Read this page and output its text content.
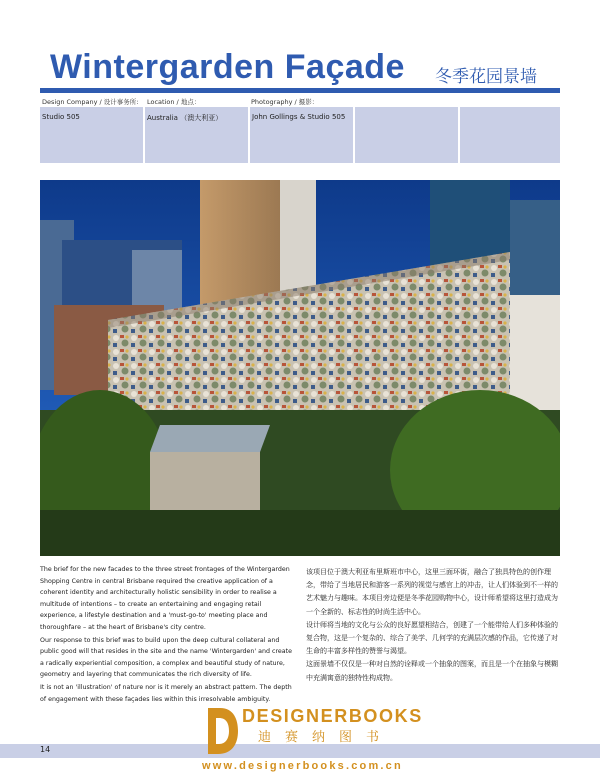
Wintergarden Façade 冬季花园景墙
Design Company / 设计事务所: Location / 地点：	Photography / 摄影：
Studio 505	Australia （澳大利亚）	John Gollings & Studio 505

The brief for the new facades to the three street frontages of the Wintergarden Shopping Centre in central Brisbane required the creative application of a coherent identity and architecturally holistic sensibility in order to realise a multitude of intentions – to create an entertaining and engaging retail experience, a lifestyle destination and a 'must-go-to' meeting place and thoroughfare – at the heart of Brisbane's city centre.

Our response to this brief was to build upon the deep cultural collateral and public good will that resides in the site and the name 'Wintergarden' and create a radically experiential composition, a complex and beautiful study of nature, geometry and layering that communicates the rich diversity of life.

It is not an 'illustration' of nature nor is it merely an abstract pattern. The depth of engagement with these façades lies within this irresolvable ambiguity.

该项目位于澳大利亚布里斯班市中心，这里三面环街，融合了独具特色的创作理念，带给了当地居民和游客一系列的视觉与感官上的冲击，让人们体验到不一样的艺术魅力与趣味。本项目旁边便是冬季花园购物中心，设计师希望将这里打造成为一个全新的、标志性的时尚生活中心。

设计师将当地的文化与公众的良好愿望相结合，创建了一个能带给人们多种体验的复合物，这是一个复杂的、综合了美学、几何学的充满层次感的作品，它传递了对生命的丰富多样性的赞誉与渴望。

这面景墙不仅仅是一种对自然的诠释或一个抽象的图案，而且是一个在抽象与模糊中充满寓意的独特性构成物。

14
DESIGNERBOOKS
迪赛纳图书
www.designerbooks.com.cn
